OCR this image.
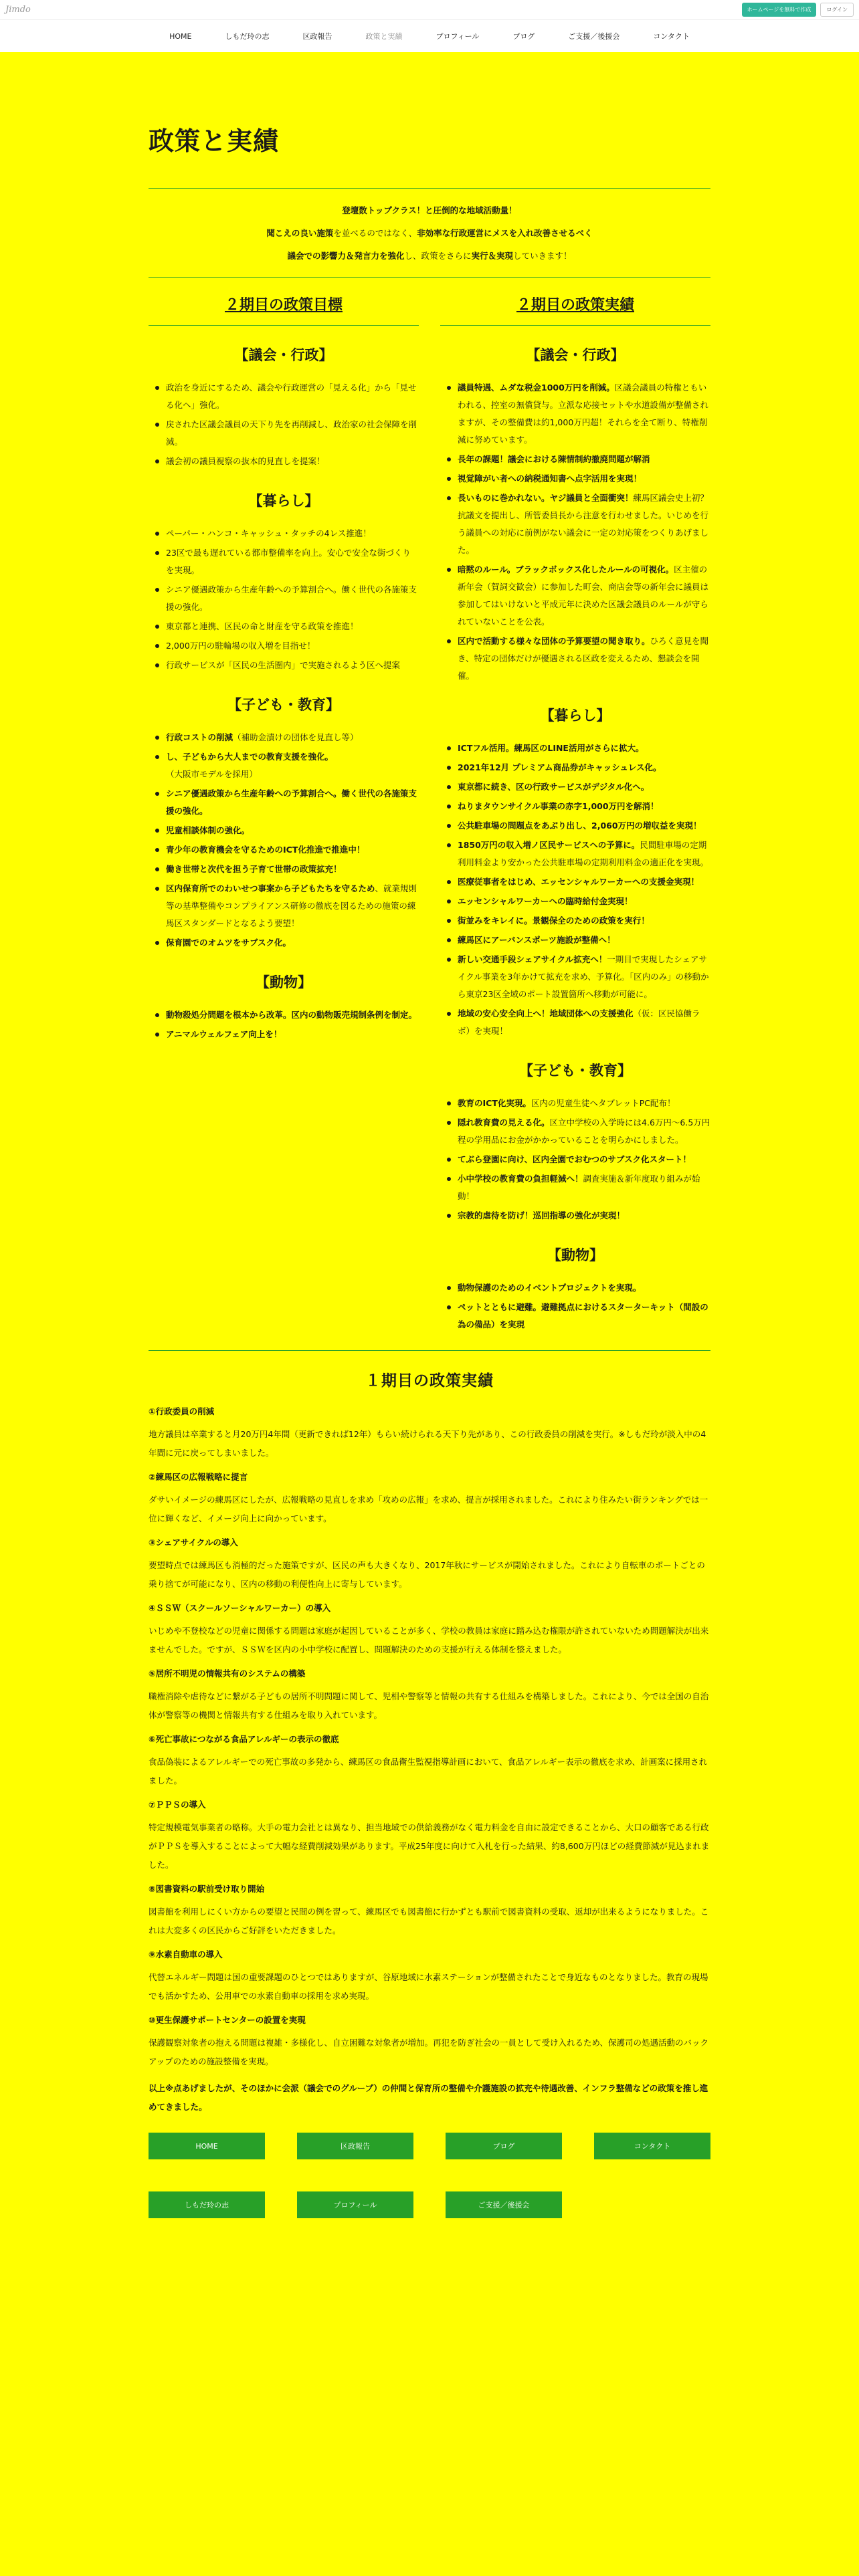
Jimdo	ホームページを無料で作成	ログイン
HOME	しもだ玲の志	区政報告	政策と実績	プロフィール	ブログ	ご支援／後援会	コンタクト
政策と実績
登壇数トップクラス！と圧倒的な地域活動量！
聞こえの良い施策を並べるのではなく、非効率な行政運営にメスを入れ改善させるべく
議会での影響力＆発言力を強化し、政策をさらに実行＆実現していきます！
２期目の政策目標
【議会・行政】
政治を身近にするため、議会や行政運営の「見える化」から「見せる化へ」強化。
戻された区議会議員の天下り先を再削減し、政治家の社会保障を削減。
議会初の議員視察の抜本的見直しを提案！
【暮らし】
ペーパー・ハンコ・キャッシュ・タッチの4レス推進！
23区で最も遅れている都市整備率を向上。安心で安全な街づくりを実現。
シニア優遇政策から生産年齢への予算割合へ。働く世代の各施策支援の強化。
東京都と連携、区民の命と財産を守る政策を推進！
2,000万円の駐輪場の収入増を目指せ！
行政サービスが「区民の生活圏内」で実施されるよう区へ提案
【子ども・教育】
行政コストの削減（補助金漬けの団体を見直し等）
し、子どもから大人までの教育支援を強化。（大阪市モデルを採用）
シニア優遇政策から生産年齢への予算割合へ。働く世代の各施策支援の強化。
児童相談体制の強化。
青少年の教育機会を守るためのICT化推進で推進中！
働き世帯と次代を担う子育て世帯の政策拡充！
区内保育所でのわいせつ事案から子どもたちを守るため、就業規則等の基準整備やコンプライアンス研修の徹底を図るための施策の練馬区スタンダードとなるよう要望！
保育園でのオムツをサブスク化。
【動物】
動物殺処分問題を根本から改革。区内の動物販売規制条例を制定。
アニマルウェルフェア向上を！
２期目の政策実績
【議会・行政】
議員特遇、ムダな税金1000万円を削減。区議会議員の特権ともいわれる、控室の無償貸与。立派な応接セットや水道設備が整備されますが、その整備費は約1,000万円超！それらを全て断り、特権削減に努めています。
長年の課題！議会における陳情制約撤廃問題が解消
視覚障がい者への納税通知書へ点字活用を実現！
長いものに巻かれない。ヤジ議員と全面衝突！練馬区議会史上初？抗議文を提出し、所管委員長から注意を行わせました。いじめを行う議員への対応に前例がない議会に一定の対応策をつくりあげました。
暗黙のルール。ブラックボックス化したルールの可視化。区主催の新年会（賀詞交歓会）に参加した町会、商店会等の新年会に議員は参加してはいけないと平成元年に決めた区議会議員のルールが守られていないことを公表。
区内で活動する様々な団体の予算要望の聞き取り。ひろく意見を聞き、特定の団体だけが優遇される区政を変えるため、懇談会を開催。
【暮らし】
ICTフル活用。練馬区のLINE活用がさらに拡大。
2021年12月 プレミアム商品券がキャッシュレス化。
東京都に続き、区の行政サービスがデジタル化へ。
ねりまタウンサイクル事業の赤字1,000万円を解消！
公共駐車場の問題点をあぶり出し、2,060万円の増収益を実現！
1850万円の収入増ノ区民サービスへの予算に。民間駐車場の定期利用料金より安かった公共駐車場の定期利用料金の適正化を実現。
医療従事者をはじめ、エッセンシャルワーカーへの支援金実現！
エッセンシャルワーカーへの臨時給付金実現！
街並みをキレイに。景観保全のための政策を実行！
練馬区にアーバンスポーツ施設が整備へ！
新しい交通手段シェアサイクル拡充へ！一期目で実現したシェアサイクル事業を3年かけて拡充を求め、予算化。「区内のみ」の移動から東京23区全域のポート設置箇所へ移動が可能に。
地域の安心安全向上へ！地域団体への支援強化（仮：区民協働ラボ）を実現！
【子ども・教育】
教育のICT化実現。区内の児童生徒へタブレットPC配布！
隠れ教育費の見える化。区立中学校の入学時には4.6万円〜6.5万円程の学用品にお金がかかっていることを明らかにしました。
てぶら登園に向け、区内全園でおむつのサブスク化スタート！
小中学校の教育費の負担軽減へ！調査実施＆新年度取り組みが始動！
宗教的虐待を防げ！巡回指導の強化が実現！
【動物】
動物保護のためのイベントプロジェクトを実現。
ペットとともに避難。避難拠点におけるスターターキット（間設の為の備品）を実現
１期目の政策実績
①行政委員の削減
地方議員は卒業すると月20万円4年間（更新できれば12年）もらい続けられる天下り先があり、この行政委員の削減を実行。※しもだ玲が淡入中の4年間に元に戻ってしまいました。
②練馬区の広報戦略に提言
ダサいイメージの練馬区にしたが、広報戦略の見直しを求め「攻めの広報」を求め、提言が採用されました。これにより住みたい街ランキングでは一位に輝くなど、イメージ向上に向かっています。
③シェアサイクルの導入
要望時点では練馬区も消極的だった施策ですが、区民の声も大きくなり、2017年秋にサービスが開始されました。これにより自転車のポートごとの乗り捨てが可能になり、区内の移動の利便性向上に寄与しています。
④ＳＳＷ（スクールソーシャルワーカー）の導入
いじめや不登校などの児童に関係する問題は家庭が起因していることが多く、学校の教員は家庭に踏み込む権限が許されていないため問題解決が出来ませんでした。ですが、ＳＳＷを区内の小中学校に配置し、問題解決のための支援が行える体制を整えました。
⑤居所不明児の情報共有のシステムの構築
職権消除や虐待などに繋がる子どもの居所不明問題に関して、児相や警察等と情報の共有する仕組みを構築しました。これにより、今では全国の自治体が警察等の機関と情報共有する仕組みを取り入れています。
⑥死亡事故につながる食品アレルギーの表示の徹底
食品偽装によるアレルギーでの死亡事故の多発から、練馬区の食品衛生監視指導計画において、食品アレルギー表示の徹底を求め、計画案に採用されました。
⑦ＰＰＳの導入
特定規模電気事業者の略称。大手の電力会社とは異なり、担当地域での供給義務がなく電力料金を自由に設定できることから、大口の顧客である行政がＰＰＳを導入することによって大幅な経費削減効果があります。平成25年度に向けて入札を行った結果、約8,600万円ほどの経費節減が見込まれました。
⑧図書資料の駅前受け取り開始
図書館を利用しにくい方からの要望と民間の例を習って、練馬区でも図書館に行かずとも駅前で図書資料の受取、返却が出来るようになりました。これは大変多くの区民からご好評をいただきました。
⑨水素自動車の導入
代替エネルギー問題は国の重要課題のひとつではありますが、谷原地域に水素ステーションが整備されたことで身近なものとなりました。教育の現場でも活かすため、公用車での水素自動車の採用を求め実現。
⑩更生保護サポートセンターの設置を実現
保護観察対象者の抱える問題は複雑・多様化し、自立困難な対象者が増加。再犯を防ぎ社会の一員として受け入れるため、保護司の処遇活動のバックアップのための施設整備を実現。
以上※点あげましたが、そのほかに会派（議会でのグループ）の仲間と保育所の整備や介護施設の拡充や待遇改善、インフラ整備などの政策を推し進めてきました。
HOME	区政報告	ブログ	コンタクト
しもだ玲の志	プロフィール	ご支援／後援会
